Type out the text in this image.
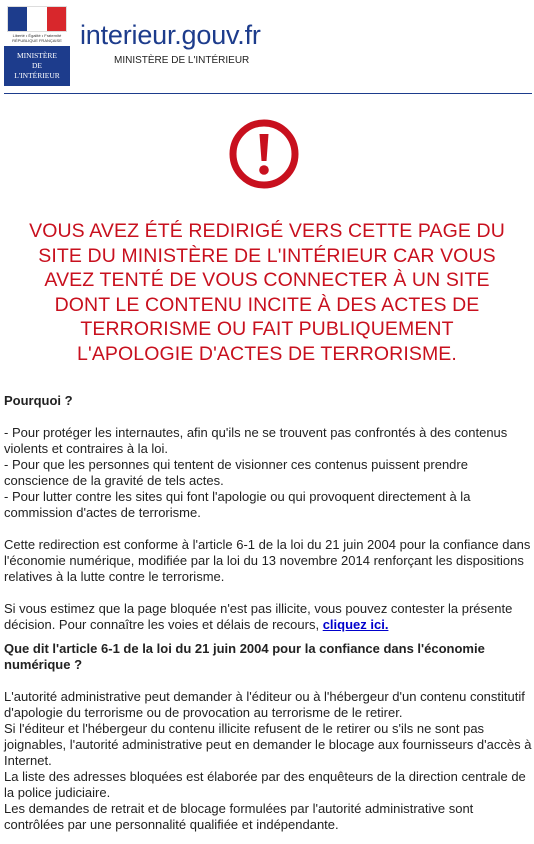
Liberté • Égalité • Fraternité
RÉPUBLIQUE FRANÇAISE
MINISTÈRE
DE
L'INTÉRIEUR
interieur.gouv.fr
MINISTÈRE DE L'INTÉRIEUR
VOUS AVEZ ÉTÉ REDIRIGÉ VERS CETTE PAGE DU
SITE DU MINISTÈRE DE L'INTÉRIEUR CAR VOUS
AVEZ TENTÉ DE VOUS CONNECTER À UN SITE
DONT LE CONTENU INCITE À DES ACTES DE
TERRORISME OU FAIT PUBLIQUEMENT
L'APOLOGIE D'ACTES DE TERRORISME.

Pourquoi ?

- Pour protéger les internautes, afin qu'ils ne se trouvent pas confrontés à des contenus violents et contraires à la loi.

- Pour que les personnes qui tentent de visionner ces contenus puissent prendre conscience de la gravité de tels actes.

- Pour lutter contre les sites qui font l'apologie ou qui provoquent directement à la commission d'actes de terrorisme.

Cette redirection est conforme à l'article 6-1 de la loi du 21 juin 2004 pour la confiance dans l'économie numérique, modifiée par la loi du 13 novembre 2014 renforçant les dispositions relatives à la lutte contre le terrorisme.

Si vous estimez que la page bloquée n'est pas illicite, vous pouvez contester la présente décision. Pour connaître les voies et délais de recours, cliquez ici.

Que dit l'article 6-1 de la loi du 21 juin 2004 pour la confiance dans l'économie numérique ?

L'autorité administrative peut demander à l'éditeur ou à l'hébergeur d'un contenu constitutif d'apologie du terrorisme ou de provocation au terrorisme de le retirer.

Si l'éditeur et l'hébergeur du contenu illicite refusent de le retirer ou s'ils ne sont pas joignables, l'autorité administrative peut en demander le blocage aux fournisseurs d'accès à Internet.

La liste des adresses bloquées est élaborée par des enquêteurs de la direction centrale de la police judiciaire.

Les demandes de retrait et de blocage formulées par l'autorité administrative sont contrôlées par une personnalité qualifiée et indépendante.
